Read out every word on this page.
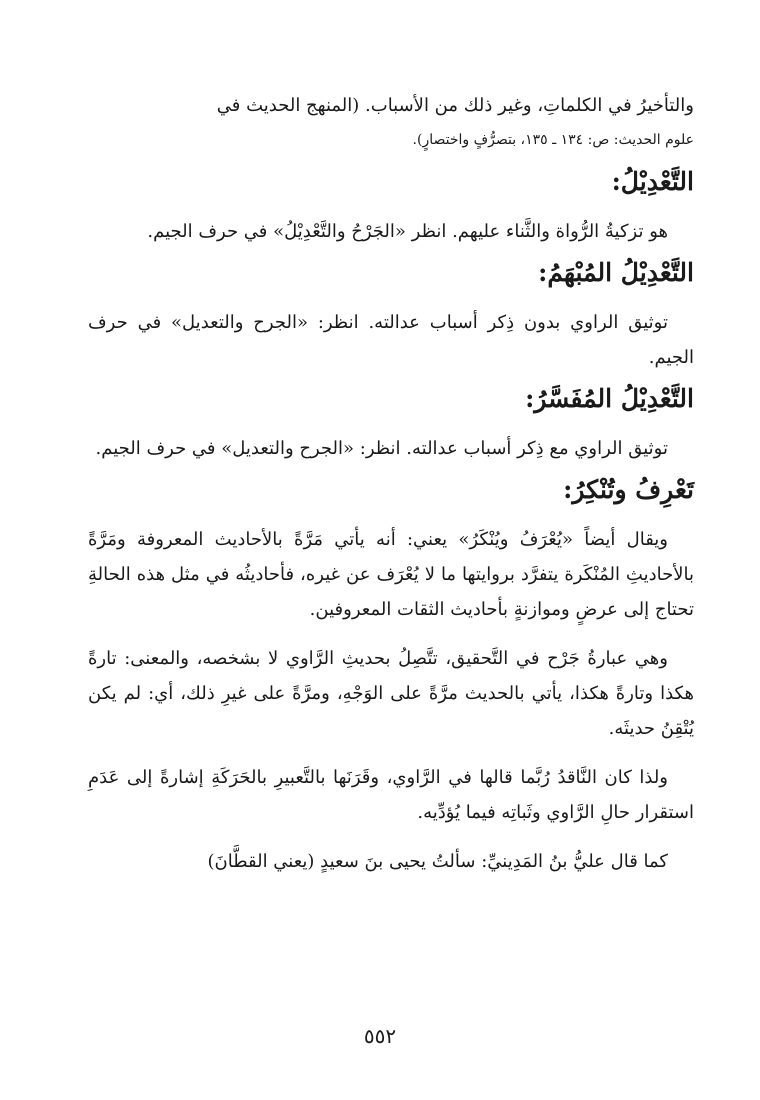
والتأخيرُ في الكلماتِ، وغير ذلك من الأسباب. (المنهج الحديث في

علوم الحديث: ص: ١٣٤ ـ ١٣٥، بتصرُّفٍ واختصارٍ).

التَّعْدِيْلُ:

هو تزكيةُ الرُّواة والثَّناء عليهم. انظر «الجَرْحُ والتَّعْدِيْلُ» في حرف الجيم.

التَّعْدِيْلُ المُبْهَمُ:

توثيق الراوي بدون ذِكر أسباب عدالته. انظر: «الجرح والتعديل» في حرف الجيم.

التَّعْدِيْلُ المُفَسَّرُ:

توثيق الراوي مع ذِكر أسباب عدالته. انظر: «الجرح والتعديل» في حرف الجيم.

تَعْرِفُ وتُنْكِرُ:

ويقال أيضاً «يُعْرَفُ ويُنْكَرُ» يعني: أنه يأتي مَرَّةً بالأحاديث المعروفة ومَرَّةً بالأحاديثِ المُنْكَرة يتفرَّد بروايتها ما لا يُعْرَف عن غيره، فأحاديثُه في مثل هذه الحالةِ تحتاج إلى عرضٍ وموازنةٍ بأحاديث الثقات المعروفين.

وهي عبارةُ جَرْح في التَّحقيق، تتَّصِلُ بحديثِ الرَّاوي لا بشخصه، والمعنى: تارةً هكذا وتارةً هكذا، يأتي بالحديث مرَّةً على الوَجْهِ، ومرَّةً على غيرِ ذلك، أي: لم يكن يُتْقِنُ حديثَه.

ولذا كان النَّاقدُ رُبَّما قالها في الرَّاوي، وقَرَنَها بالتَّعبيرِ بالحَرَكَةِ إشارةً إلى عَدَمِ استقرار حالِ الرَّاوي وثَباتِه فيما يُؤدِّيه.

كما قال عليُّ بنُ المَدِينيِّ: سألتُ يحيى بنَ سعيدٍ (يعني القطَّانَ)

٥٥٢
